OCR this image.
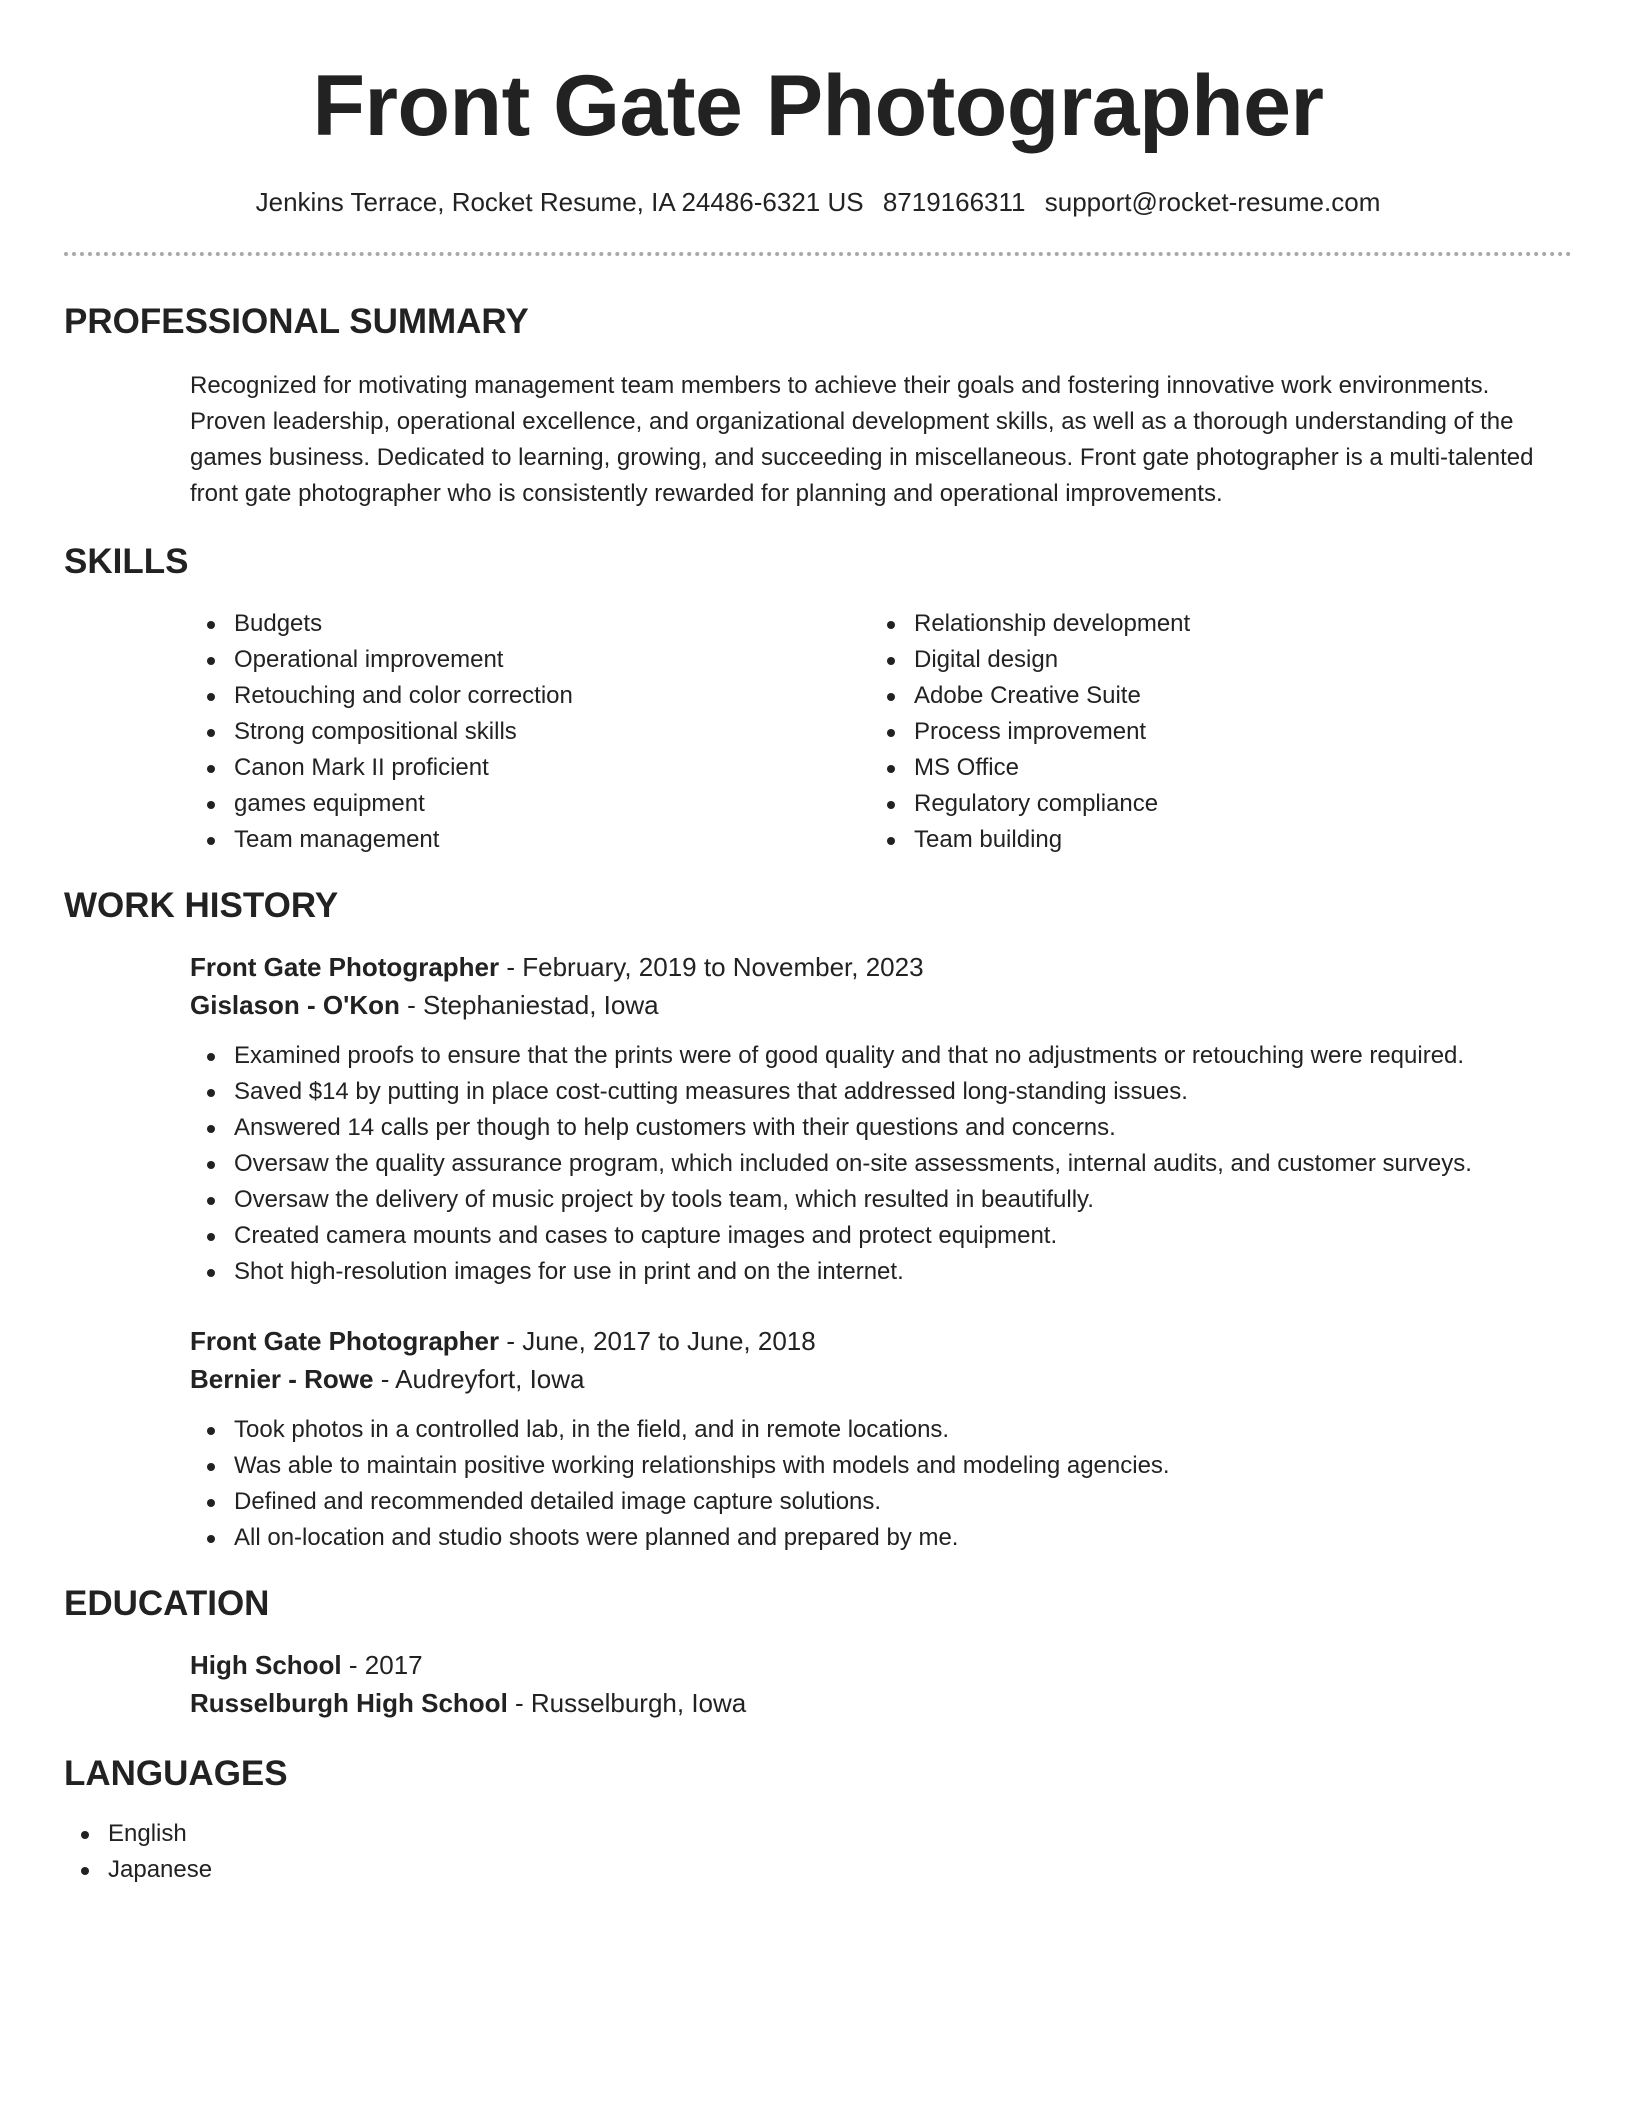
Front Gate Photographer
Jenkins Terrace, Rocket Resume, IA 24486-6321 US 8719166311 support@rocket-resume.com
PROFESSIONAL SUMMARY
Recognized for motivating management team members to achieve their goals and fostering innovative work environments. Proven leadership, operational excellence, and organizational development skills, as well as a thorough understanding of the games business. Dedicated to learning, growing, and succeeding in miscellaneous. Front gate photographer is a multi-talented front gate photographer who is consistently rewarded for planning and operational improvements.
SKILLS
Budgets
Operational improvement
Retouching and color correction
Strong compositional skills
Canon Mark II proficient
games equipment
Team management
Relationship development
Digital design
Adobe Creative Suite
Process improvement
MS Office
Regulatory compliance
Team building
WORK HISTORY
Front Gate Photographer - February, 2019 to November, 2023
Gislason - O'Kon - Stephaniestad, Iowa
Examined proofs to ensure that the prints were of good quality and that no adjustments or retouching were required.
Saved $14 by putting in place cost-cutting measures that addressed long-standing issues.
Answered 14 calls per though to help customers with their questions and concerns.
Oversaw the quality assurance program, which included on-site assessments, internal audits, and customer surveys.
Oversaw the delivery of music project by tools team, which resulted in beautifully.
Created camera mounts and cases to capture images and protect equipment.
Shot high-resolution images for use in print and on the internet.
Front Gate Photographer - June, 2017 to June, 2018
Bernier - Rowe - Audreyfort, Iowa
Took photos in a controlled lab, in the field, and in remote locations.
Was able to maintain positive working relationships with models and modeling agencies.
Defined and recommended detailed image capture solutions.
All on-location and studio shoots were planned and prepared by me.
EDUCATION
High School - 2017
Russelburgh High School - Russelburgh, Iowa
LANGUAGES
English
Japanese
